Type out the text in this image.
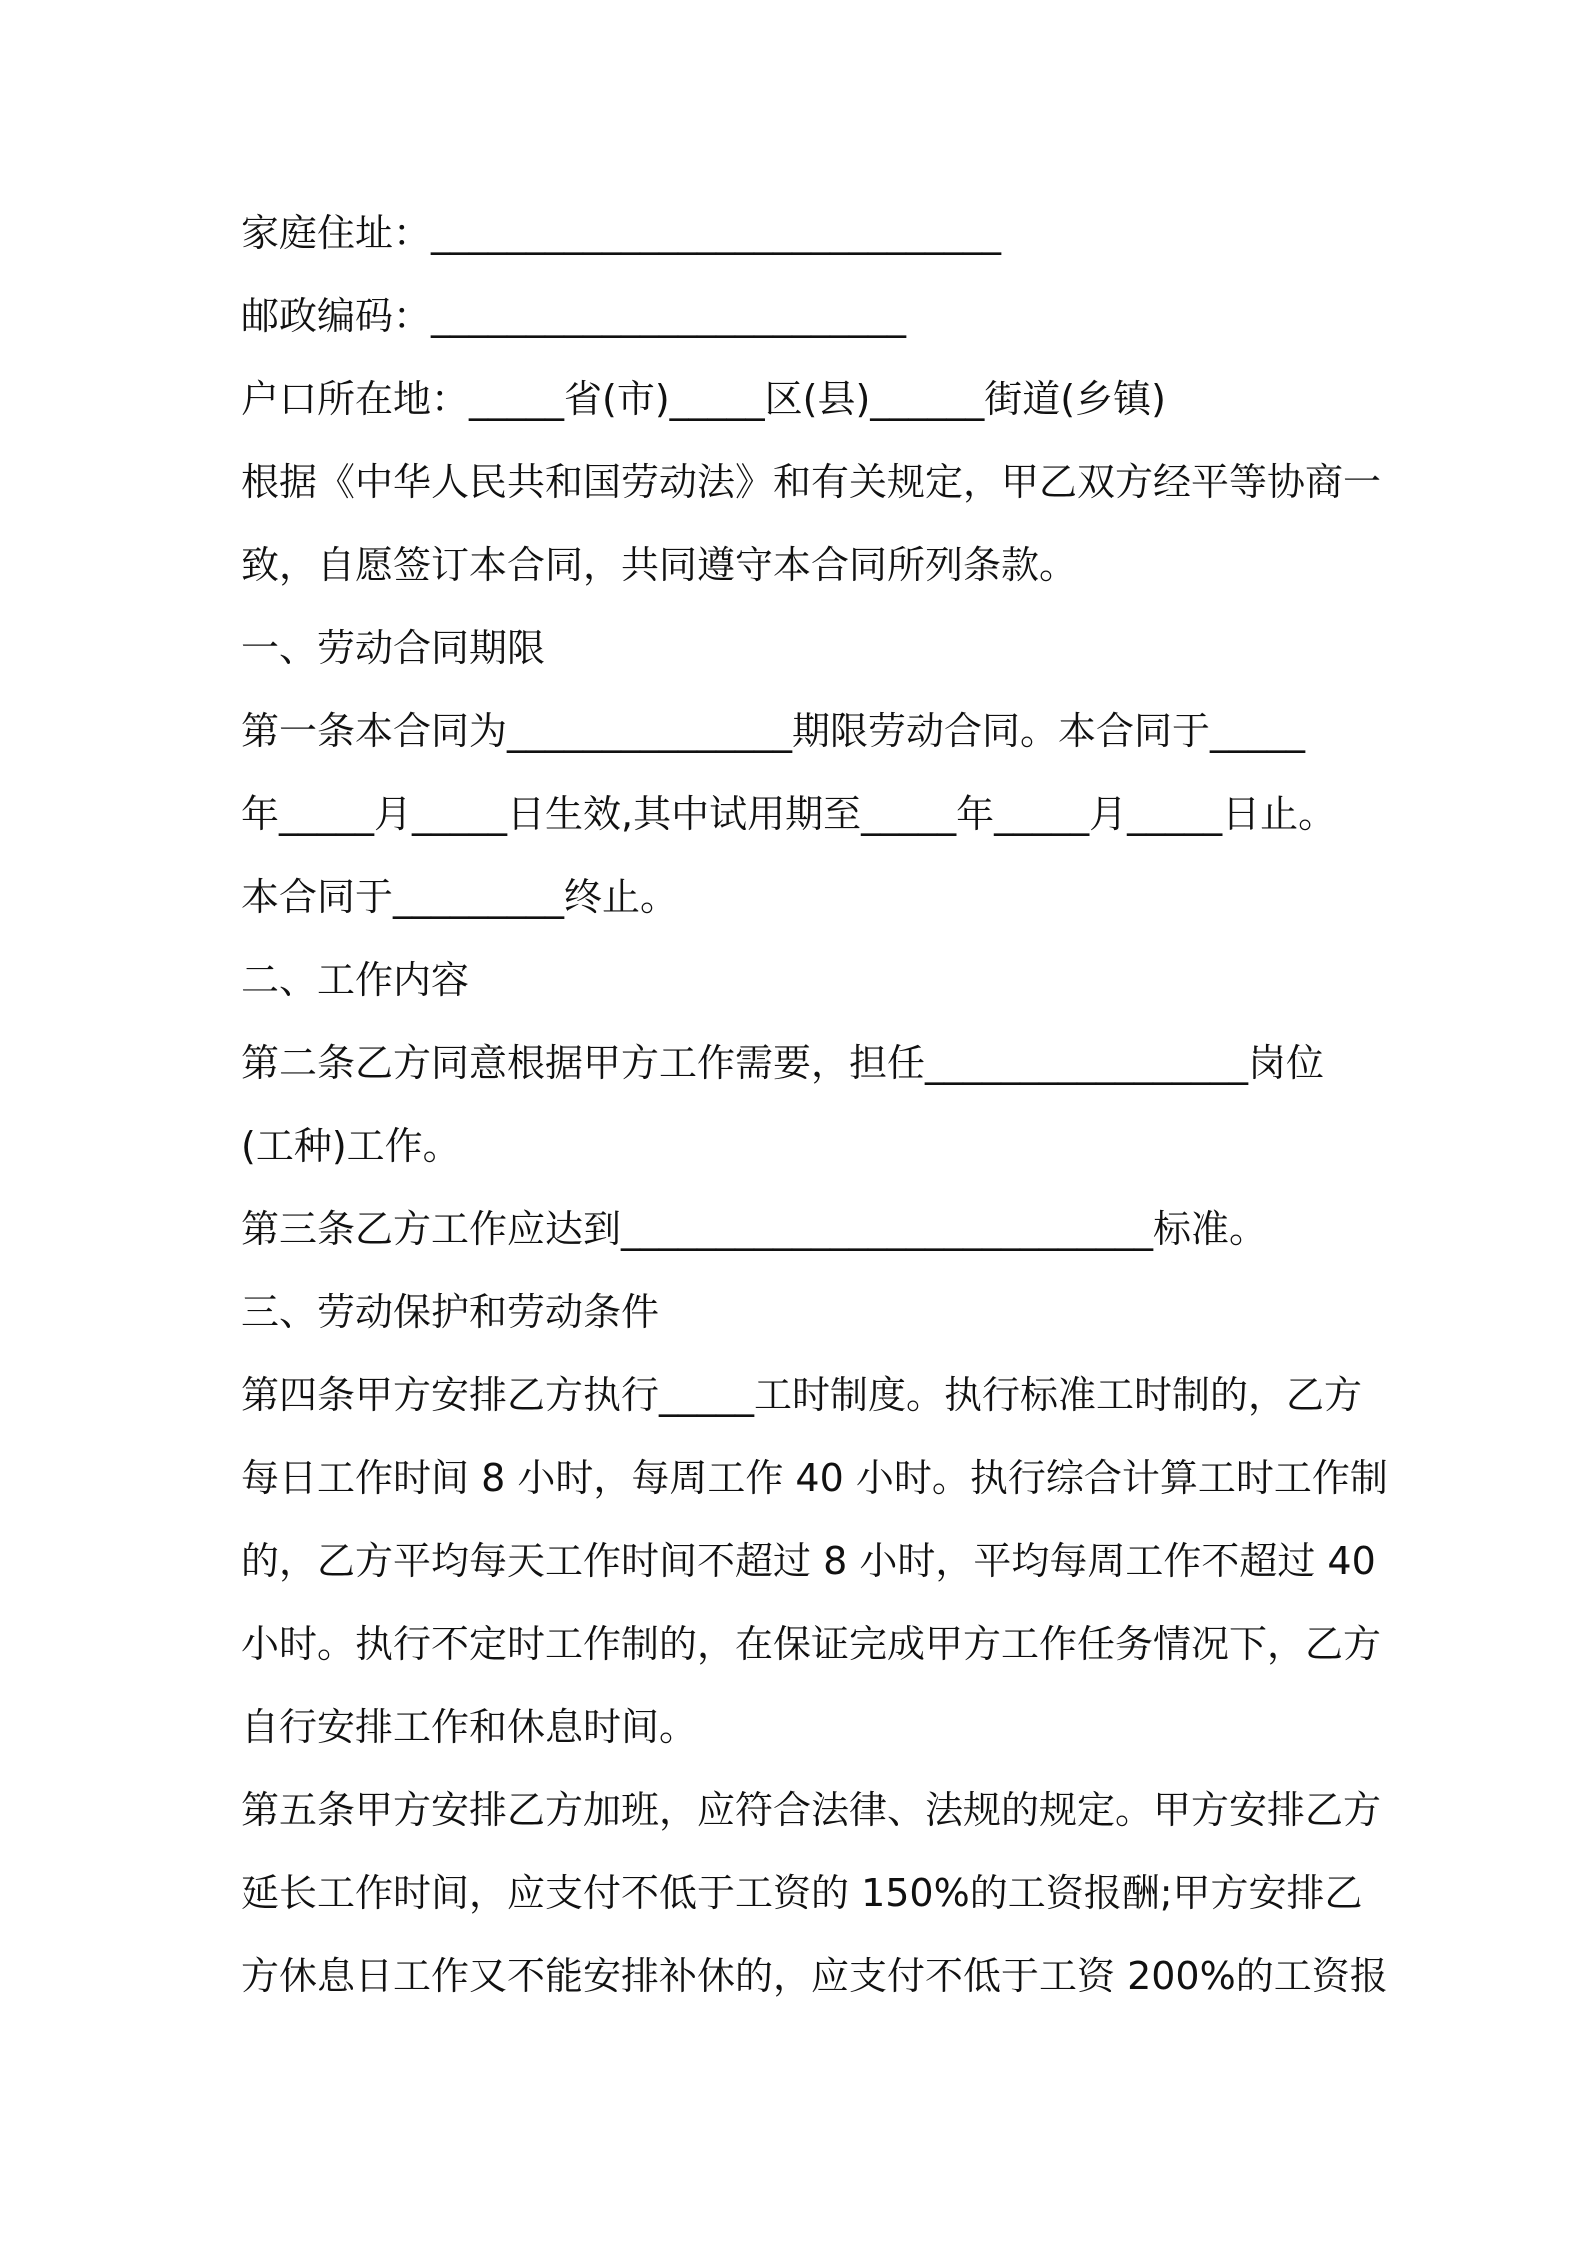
家庭住址：______________________________
邮政编码：_________________________
户口所在地：_____省(市)_____区(县)______街道(乡镇)
根据《中华人民共和国劳动法》和有关规定，甲乙双方经平等协商一
致，自愿签订本合同，共同遵守本合同所列条款。
一、劳动合同期限
第一条本合同为_______________期限劳动合同。本合同于_____
年_____月_____日生效,其中试用期至_____年_____月_____日止。
本合同于_________终止。
二、工作内容
第二条乙方同意根据甲方工作需要，担任_________________岗位
(工种)工作。
第三条乙方工作应达到____________________________标准。
三、劳动保护和劳动条件
第四条甲方安排乙方执行_____工时制度。执行标准工时制的，乙方
每日工作时间 8 小时，每周工作 40 小时。执行综合计算工时工作制
的，乙方平均每天工作时间不超过 8 小时，平均每周工作不超过 40
小时。执行不定时工作制的，在保证完成甲方工作任务情况下，乙方
自行安排工作和休息时间。
第五条甲方安排乙方加班，应符合法律、法规的规定。甲方安排乙方
延长工作时间，应支付不低于工资的 150%的工资报酬;甲方安排乙
方休息日工作又不能安排补休的，应支付不低于工资 200%的工资报
